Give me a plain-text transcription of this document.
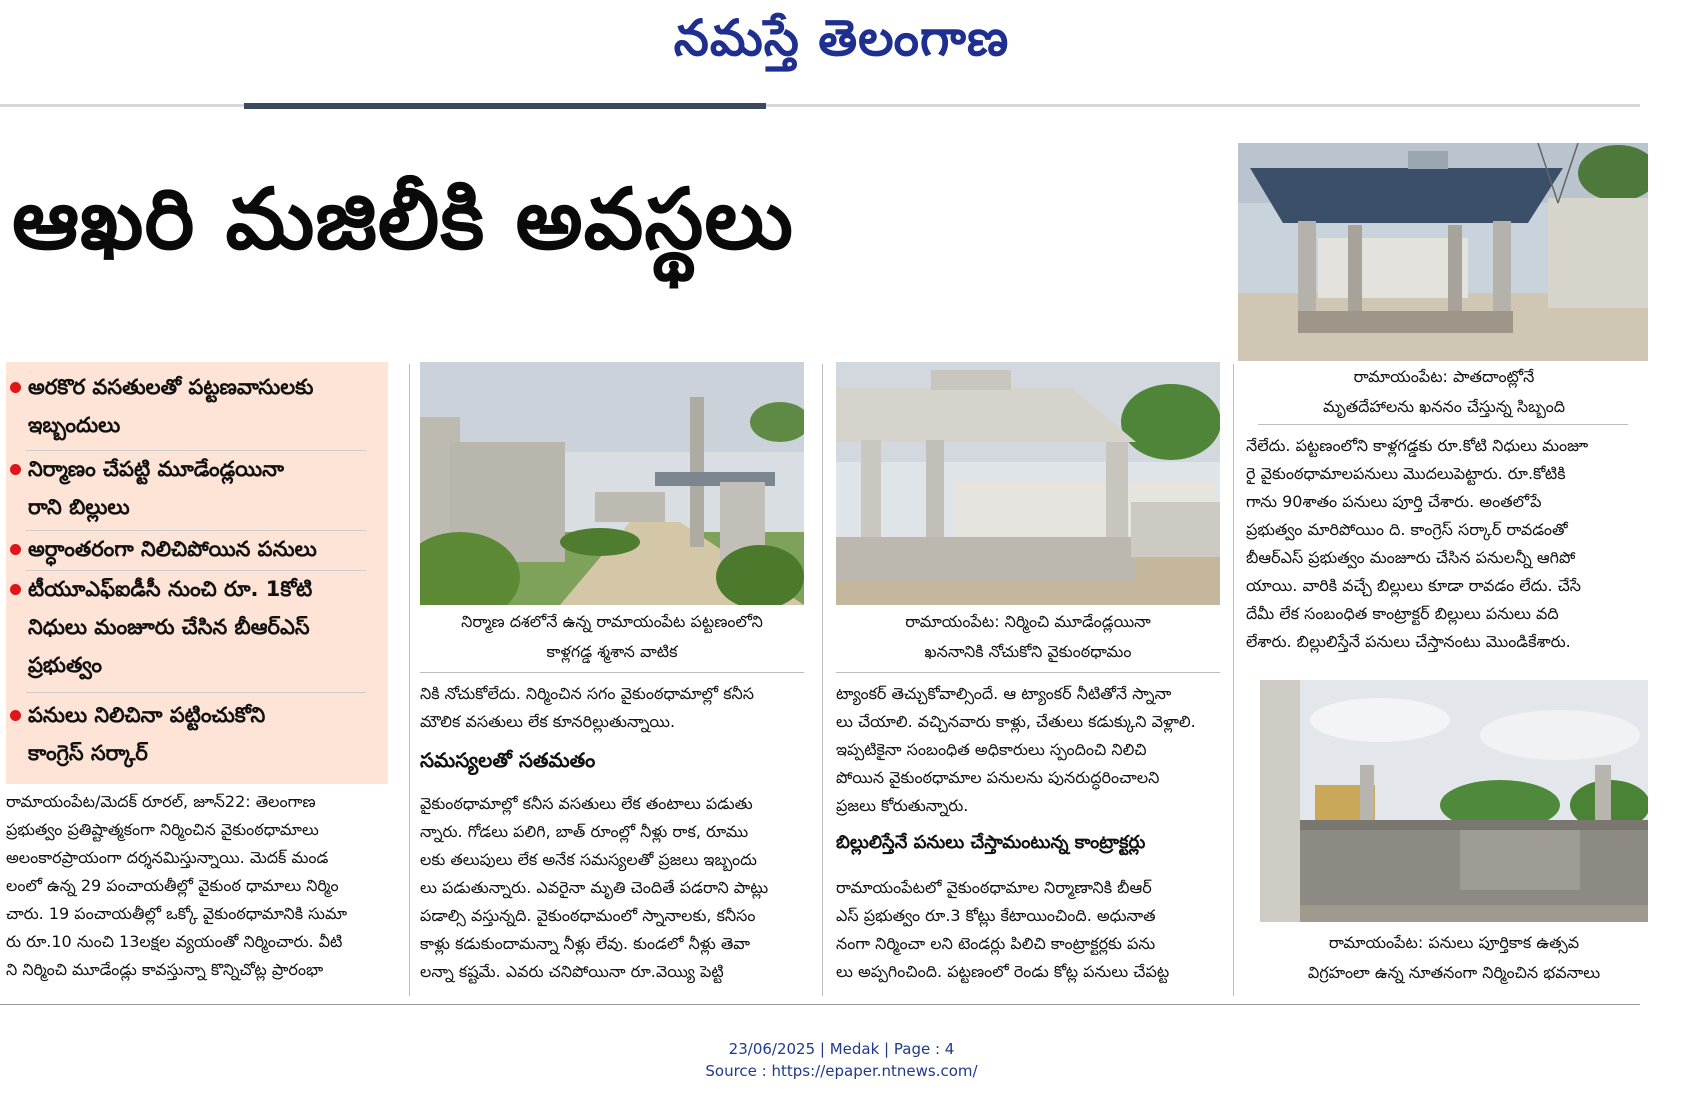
నమస్తే తెలంగాణ
ఆఖరి మజిలీకి అవస్థలు
రామాయంపేట: పాతదాంట్లోనే
మృతదేహాలను ఖననం చేస్తున్న సిబ్బంది
అరకొర వసతులతో పట్టణవాసులకు
ఇబ్బందులు
నిర్మాణం చేపట్టి మూడేండ్లయినా
రాని బిల్లులు
అర్ధాంతరంగా నిలిచిపోయిన పనులు
టీయూఎఫ్ఐడీసీ నుంచి రూ. 1కోటి
నిధులు మంజూరు చేసిన బీఆర్ఎస్
ప్రభుత్వం
పనులు నిలిచినా పట్టించుకోని
కాంగ్రెస్ సర్కార్
నిర్మాణ దశలోనే ఉన్న రామాయంపేట పట్టణంలోని
కాళ్లగడ్డ శ్మశాన వాటిక
రామాయంపేట: నిర్మించి మూడేండ్లయినా
ఖననానికి నోచుకోని వైకుంఠధామం
నేలేదు. పట్టణంలోని కాళ్లగడ్డకు రూ.కోటి నిధులు మంజూ
రై వైకుంఠధామాలపనులు మొదలుపెట్టారు. రూ.కోటికి
గాను 90శాతం పనులు పూర్తి చేశారు. అంతలోపే
ప్రభుత్వం మారిపోయిం ది. కాంగ్రెస్ సర్కార్ రావడంతో
బీఆర్ఎస్ ప్రభుత్వం మంజూరు చేసిన పనులన్నీ ఆగిపో
యాయి. వారికి వచ్చే బిల్లులు కూడా రావడం లేదు. చేసే
దేమీ లేక సంబంధిత కాంట్రాక్టర్ బిల్లులు పనులు వది
లేశారు. బిల్లులిస్తేనే పనులు చేస్తానంటు మొండికేశారు.
రామాయంపేట: పనులు పూర్తికాక ఉత్సవ
విగ్రహంలా ఉన్న నూతనంగా నిర్మించిన భవనాలు
రామాయంపేట/మెదక్ రూరల్, జూన్22: తెలంగాణ
ప్రభుత్వం ప్రతిష్టాత్మకంగా నిర్మించిన వైకుంఠధామాలు
అలంకారప్రాయంగా దర్శనమిస్తున్నాయి. మెదక్ మండ
లంలో ఉన్న 29 పంచాయతీల్లో వైకుంఠ ధామాలు నిర్మిం
చారు. 19 పంచాయతీల్లో ఒక్కో వైకుంఠధామానికి సుమా
రు రూ.10 నుంచి 13లక్షల వ్యయంతో నిర్మించారు. వీటి
ని నిర్మించి మూడేండ్లు కావస్తున్నా కొన్నిచోట్ల ప్రారంభా
నికి నోచుకోలేదు. నిర్మించిన సగం వైకుంఠధామాల్లో కనీస
మౌలిక వసతులు లేక కూనరిల్లుతున్నాయి.
సమస్యలతో సతమతం
వైకుంఠధామాల్లో కనీస వసతులు లేక తంటాలు పడుతు
న్నారు. గోడలు పలిగి, బాత్ రూంల్లో నీళ్లు రాక, రూము
లకు తలుపులు లేక అనేక సమస్యలతో ప్రజలు ఇబ్బందు
లు పడుతున్నారు. ఎవరైనా మృతి చెందితే పడరాని పాట్లు
పడాల్సి వస్తున్నది. వైకుంఠధామంలో స్నానాలకు, కనీసం
కాళ్లు కడుకుందామన్నా నీళ్లు లేవు. కుండలో నీళ్లు తెవా
లన్నా కష్టమే. ఎవరు చనిపోయినా రూ.వెయ్యి పెట్టి
ట్యాంకర్ తెచ్చుకోవాల్సిందే. ఆ ట్యాంకర్ నీటితోనే స్నానా
లు చేయాలి. వచ్చినవారు కాళ్లు, చేతులు కడుక్కుని వెళ్లాలి.
ఇప్పటికైనా సంబంధిత అధికారులు స్పందించి నిలిచి
పోయిన వైకుంఠధామాల పనులను పునరుద్ధరించాలని
ప్రజలు కోరుతున్నారు.
బిల్లులిస్తేనే పనులు చేస్తామంటున్న కాంట్రాక్టర్లు
రామాయంపేటలో వైకుంఠధామాల నిర్మాణానికి బీఆర్
ఎస్ ప్రభుత్వం రూ.3 కోట్లు కేటాయించింది. అధునాత
నంగా నిర్మించా లని టెండర్లు పిలిచి కాంట్రాక్టర్లకు పను
లు అప్పగించింది. పట్టణంలో రెండు కోట్ల పనులు చేపట్ట
23/06/2025 | Medak | Page : 4
Source : https://epaper.ntnews.com/
